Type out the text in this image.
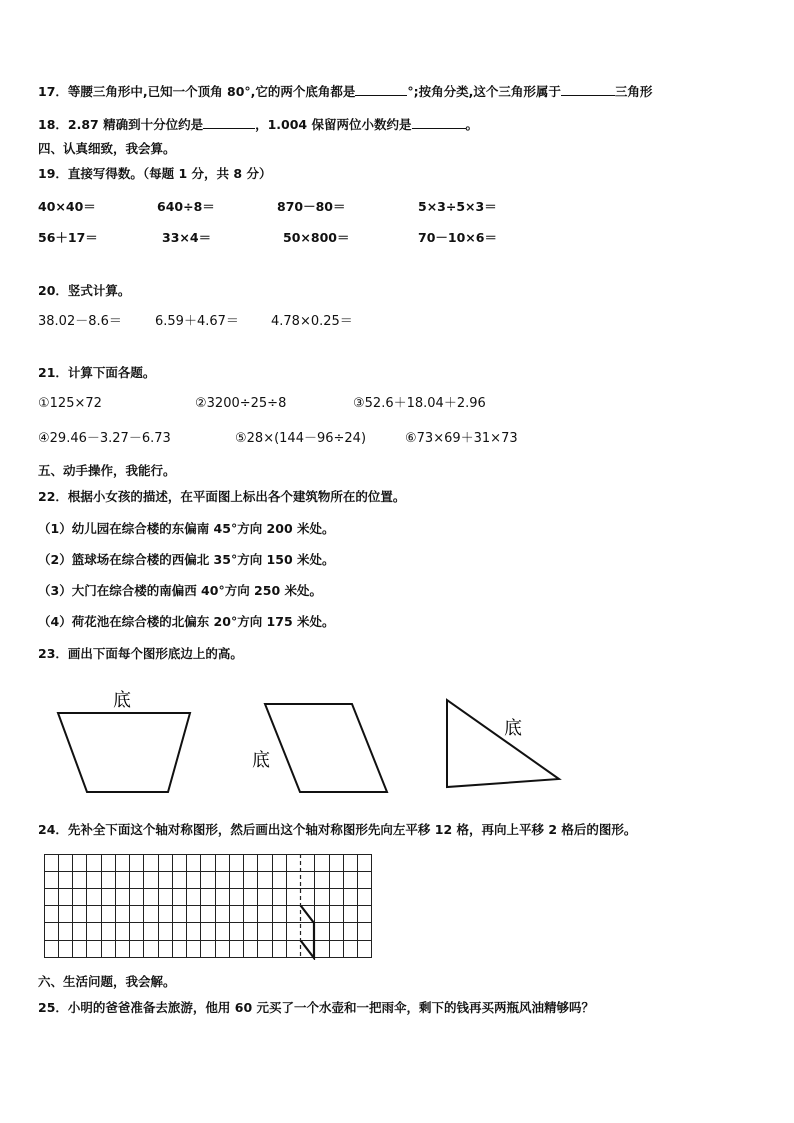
17．等腰三角形中,已知一个顶角 80°,它的两个底角都是	°;按角分类,这个三角形属于	三角形
18．2.87 精确到十分位约是	，1.004 保留两位小数约是	。
四、认真细致，我会算。
19．直接写得数。（每题 1 分，共 8 分）
40×40＝	640÷8＝	870－80＝	5×3÷5×3＝
56＋17＝	33×4＝	50×800＝	70－10×6＝
20．竖式计算。
38.02－8.6＝	6.59＋4.67＝ 4.78×0.25＝
21．计算下面各题。
①125×72	②3200÷25÷8	③52.6＋18.04＋2.96
④29.46－3.27－6.73	⑤28×(144－96÷24)	⑥73×69＋31×73
五、动手操作，我能行。
22．根据小女孩的描述，在平面图上标出各个建筑物所在的位置。
（1）幼儿园在综合楼的东偏南 45°方向 200 米处。
（2）篮球场在综合楼的西偏北 35°方向 150 米处。
（3）大门在综合楼的南偏西 40°方向 250 米处。
（4）荷花池在综合楼的北偏东 20°方向 175 米处。
23．画出下面每个图形底边上的高。
底
底
底
24．先补全下面这个轴对称图形，然后画出这个轴对称图形先向左平移 12 格，再向上平移 2 格后的图形。
六、生活问题，我会解。
25．小明的爸爸准备去旅游，他用 60 元买了一个水壶和一把雨伞，剩下的钱再买两瓶风油精够吗？
